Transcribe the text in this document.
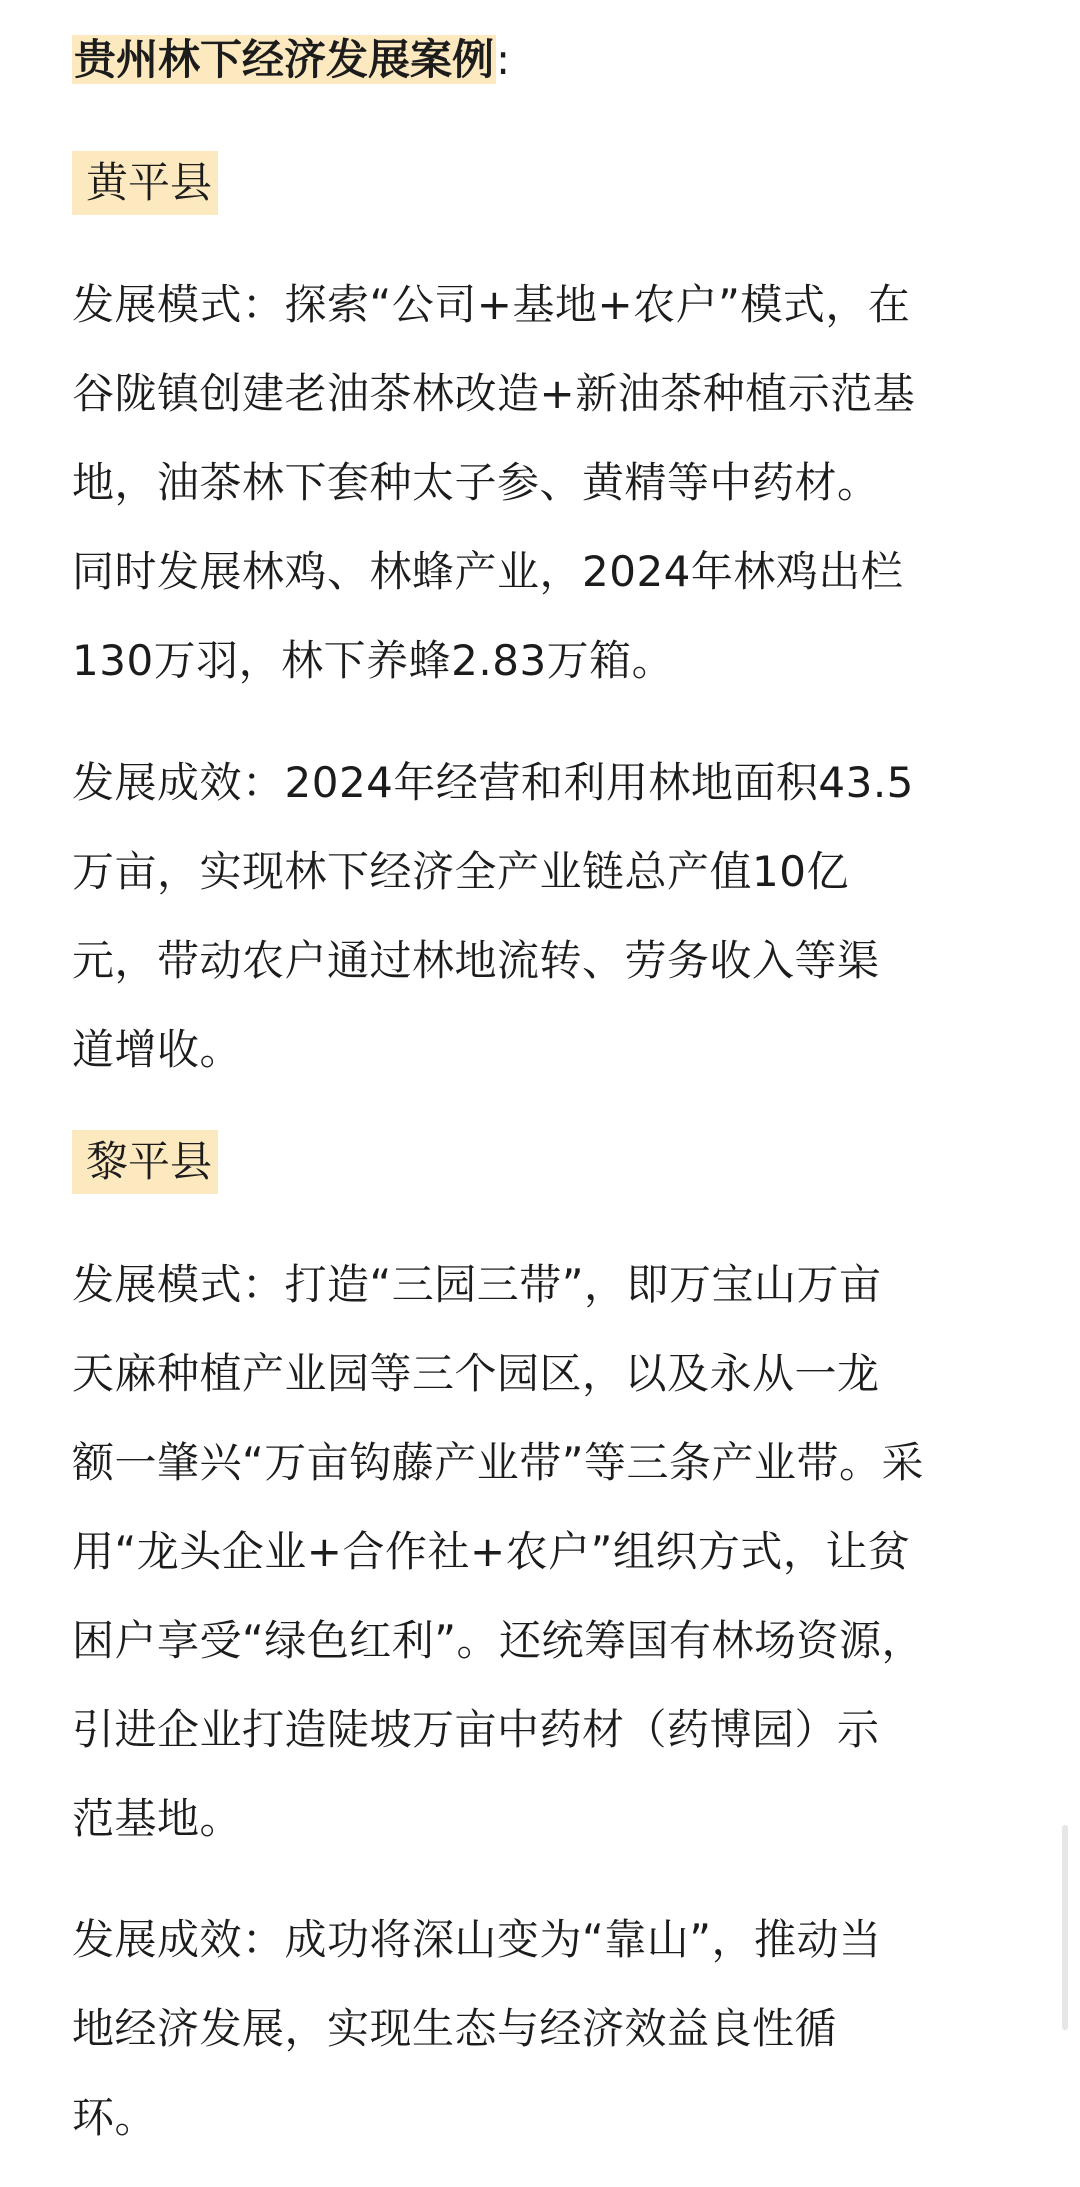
贵州林下经济发展案例:
黄平县

发展模式：探索“公司+基地+农户”模式，在
谷陇镇创建老油茶林改造+新油茶种植示范基
地，油茶林下套种太子参、黄精等中药材。
同时发展林鸡、林蜂产业，2024年林鸡出栏
130万羽，林下养蜂2.83万箱。

发展成效：2024年经营和利用林地面积43.5
万亩，实现林下经济全产业链总产值10亿
元，带动农户通过林地流转、劳务收入等渠
道增收。

黎平县

发展模式：打造“三园三带”，即万宝山万亩
天麻种植产业园等三个园区，以及永从一龙
额一肇兴“万亩钩藤产业带”等三条产业带。采
用“龙头企业+合作社+农户”组织方式，让贫
困户享受“绿色红利”。还统筹国有林场资源，
引进企业打造陡坡万亩中药材（药博园）示
范基地。

发展成效：成功将深山变为“靠山”，推动当
地经济发展，实现生态与经济效益良性循
环。
